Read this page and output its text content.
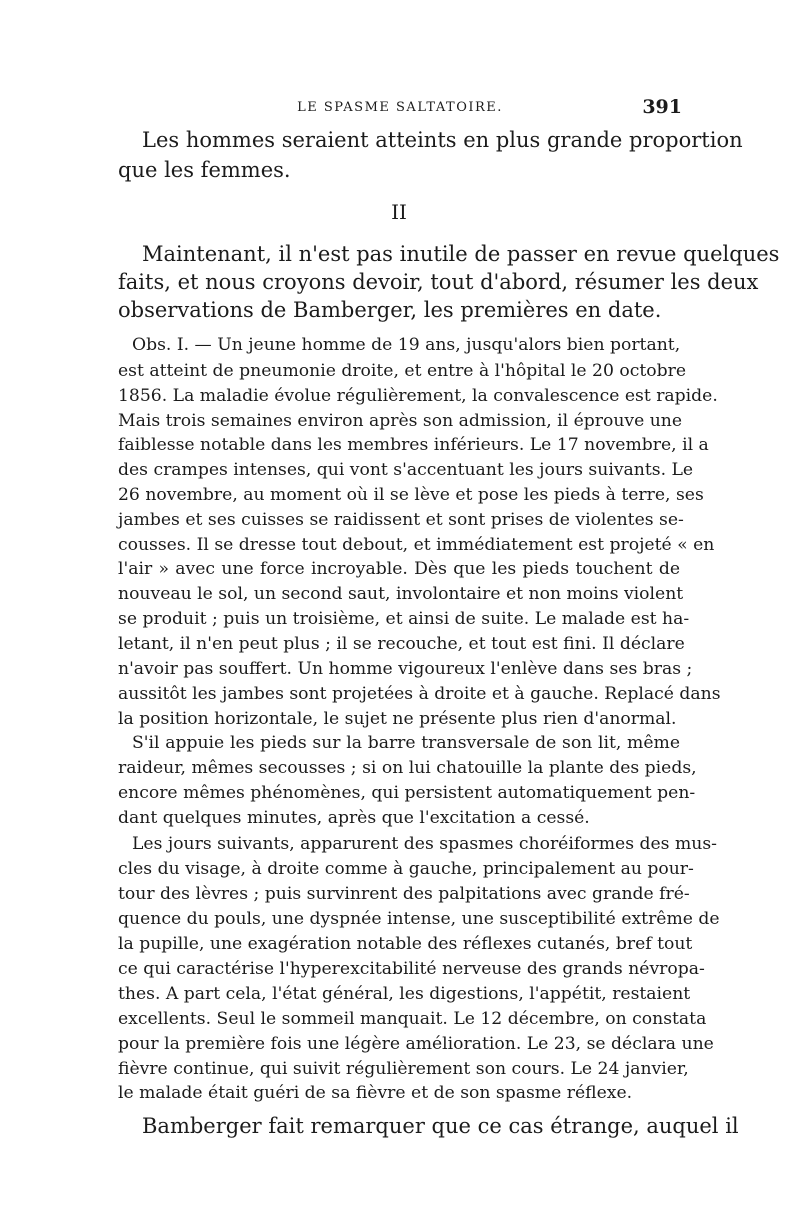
LE SPASME SALTATOIRE.	391
Les hommes seraient atteints en plus grande proportion
que les femmes.
II
Maintenant, il n'est pas inutile de passer en revue quelques
faits, et nous croyons devoir, tout d'abord, résumer les deux
observations de Bamberger, les premières en date.
Obs. I. — Un jeune homme de 19 ans, jusqu'alors bien portant,
est atteint de pneumonie droite, et entre à l'hôpital le 20 octobre
1856. La maladie évolue régulièrement, la convalescence est rapide.
Mais trois semaines environ après son admission, il éprouve une
faiblesse notable dans les membres inférieurs. Le 17 novembre, il a
des crampes intenses, qui vont s'accentuant les jours suivants. Le
26 novembre, au moment où il se lève et pose les pieds à terre, ses
jambes et ses cuisses se raidissent et sont prises de violentes se-
cousses. Il se dresse tout debout, et immédiatement est projeté « en
l'air » avec une force incroyable. Dès que les pieds touchent de
nouveau le sol, un second saut, involontaire et non moins violent
se produit ; puis un troisième, et ainsi de suite. Le malade est ha-
letant, il n'en peut plus ; il se recouche, et tout est fini. Il déclare
n'avoir pas souffert. Un homme vigoureux l'enlève dans ses bras ;
aussitôt les jambes sont projetées à droite et à gauche. Replacé dans
la position horizontale, le sujet ne présente plus rien d'anormal.
S'il appuie les pieds sur la barre transversale de son lit, même
raideur, mêmes secousses ; si on lui chatouille la plante des pieds,
encore mêmes phénomènes, qui persistent automatiquement pen-
dant quelques minutes, après que l'excitation a cessé.
Les jours suivants, apparurent des spasmes choréiformes des mus-
cles du visage, à droite comme à gauche, principalement au pour-
tour des lèvres ; puis survinrent des palpitations avec grande fré-
quence du pouls, une dyspnée intense, une susceptibilité extrême de
la pupille, une exagération notable des réflexes cutanés, bref tout
ce qui caractérise l'hyperexcitabilité nerveuse des grands névropa-
thes. A part cela, l'état général, les digestions, l'appétit, restaient
excellents. Seul le sommeil manquait. Le 12 décembre, on constata
pour la première fois une légère amélioration. Le 23, se déclara une
fièvre continue, qui suivit régulièrement son cours. Le 24 janvier,
le malade était guéri de sa fièvre et de son spasme réflexe.
Bamberger fait remarquer que ce cas étrange, auquel il
